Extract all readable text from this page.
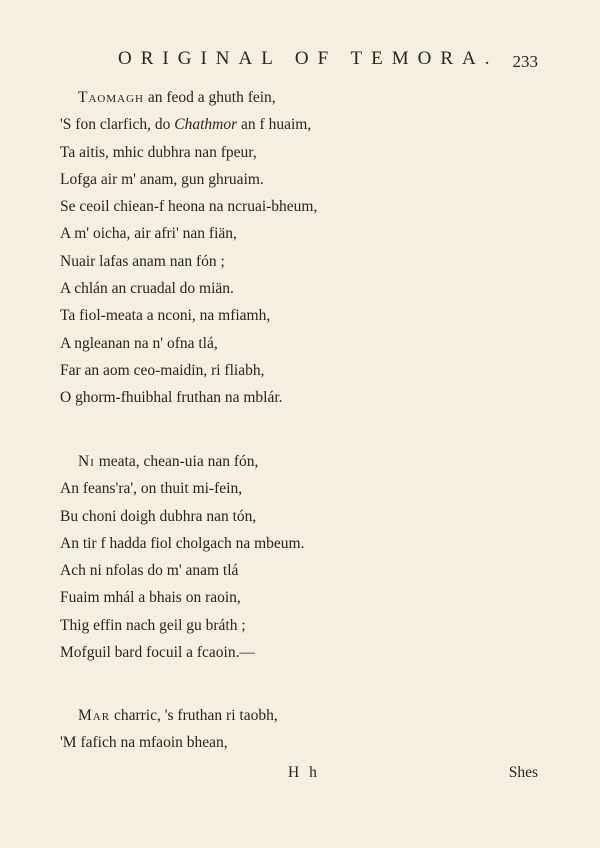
ORIGINAL OF TEMORA. 233
Taomagh an feod a ghuth fein,
'S fon clarfich, do Chathmor an f huaim,
Ta aitis, mhic dubhra nan fpeur,
Lofga air m' anam, gun ghruaim.
Se ceoil chiean-f heona na ncruai-bheum,
A m' oicha, air afri' nan fiän,
Nuair lafas anam nan fón ;
A chlán an cruadal do miän.
Ta fiol-meata a nconi, na mfiamh,
A ngleanan na n' ofna tlá,
Far an aom ceo-maidin, ri fliabh,
O ghorm-fhuibhal fruthan na mblár.
Ni meata, chean-uia nan fón,
An feans'ra', on thuit mi-fein,
Bu choni doigh dubhra nan tón,
An tir f hadda fiol cholgach na mbeum.
Ach ni nfolas do m' anam tlá
Fuaim mhál a bhais on raoin,
Thig effin nach geil gu bráth ;
Mofguil bard focuil a fcaoin.—
Mar charric, 's fruthan ri taobh,
'M fafich na mfaoin bhean,
H h	Shes
